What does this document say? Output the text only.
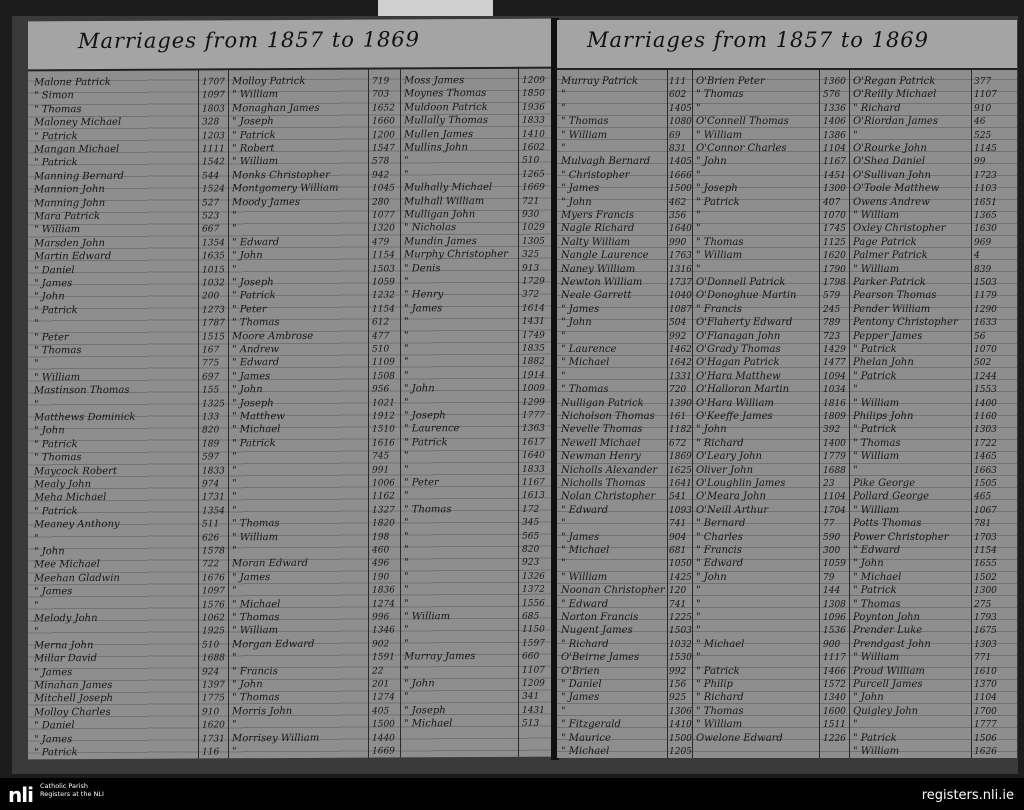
Marriages from 1857 to 1869
Malone Patrick	1707
" Simon	1097
" Thomas	1803
Maloney Michael	328
" Patrick	1203
Mangan Michael	1111
" Patrick	1542
Manning Bernard	544
Mannion John	1524
Manning John	527
Mara Patrick	523
" William	667
Marsden John	1354
Martin Edward	1635
" Daniel	1015
" James	1032
" John	200
" Patrick	1273
"	1787
" Peter	1515
" Thomas	167
"	775
" William	697
Mastinson Thomas	155
"	1325
Matthews Dominick	133
" John	820
" Patrick	189
" Thomas	597
Maycock Robert	1833
Mealy John	974
Meha Michael	1731
" Patrick	1354
Meaney Anthony	511
"	626
" John	1578
Mee Michael	722
Meehan Gladwin	1676
" James	1097
"	1576
Melody John	1062
"	1925
Merna John	510
Millar David	1688
" James	924
Minahan James	1397
Mitchell Joseph	1775
Molloy Charles	910
" Daniel	1620
" James	1731
" Patrick	116
Molloy Patrick	719
" William	703
Monaghan James	1652
" Joseph	1660
" Patrick	1200
" Robert	1547
" William	578
Monks Christopher	942
Montgomery William	1045
Moody James	280
"	1077
"	1320
" Edward	479
" John	1154
"	1503
" Joseph	1059
" Patrick	1232
" Peter	1154
" Thomas	612
Moore Ambrose	477
" Andrew	510
" Edward	1109
" James	1508
" John	956
" Joseph	1021
" Matthew	1912
" Michael	1510
" Patrick	1616
"	745
"	991
"	1006
"	1162
"	1327
" Thomas	1820
" William	198
"	460
Moran Edward	496
" James	190
"	1836
" Michael	1274
" Thomas	996
" William	1346
Morgan Edward	902
"	1591
" Francis	22
" John	201
" Thomas	1274
Morris John	405
"	1500
Morrisey William	1440
"	1669
Moss James	1209
Moynes Thomas	1850
Muldoon Patrick	1936
Mullally Thomas	1833
Mullen James	1410
Mullins John	1602
"	510
"	1265
Mulhally Michael	1669
Mulhall William	721
Mulligan John	930
" Nicholas	1029
Mundin James	1305
Murphy Christopher 325
" Denis	913
"	1729
" Henry	372
" James	1614
"	1431
"	1749
"	1835
"	1882
"	1914
" John	1009
"	1299
" Joseph	1777
" Laurence	1363
" Patrick	1617
"	1640
"	1833
" Peter	1167
"	1613
" Thomas	172
"	345
"	565
"	820
"	923
"	1326
"	1372
"	1556
" William	685
"	1150
"	1597
Murray James	660
"	1107
" John	1209
"	341
" Joseph	1431
" Michael	513
Marriages from 1857 to 1869
Murray Patrick	111
"	602
"	1405
" Thomas	1080
" William	69
"	831
Mulvagh Bernard 1405
" Christopher	1666
" James	1500
" John	462
Myers Francis	356
Nagle Richard	1640
Nalty William	990
Nangle Laurence 1763
Naney William	1316
Newton William	1737
Neale Garrett	1040
" James	1087
" John	504
"	992
" Laurence	1462
" Michael	1642
"	1331
" Thomas	720
Nulligan Patrick	1390
Nicholson Thomas 161
Nevelle Thomas	1182
Newell Michael	672
Newman Henry	1869
Nicholls Alexander 1625
Nicholls Thomas	1641
Nolan Christopher 541
" Edward	1093
"	741
" James	904
" Michael	681
"	1050
" William	1425
Noonan Christopher 120
" Edward	741
Norton Francis	1225
Nugent James	1503
" Richard	1032
O'Beirne James	1530
O'Brien	992
" Daniel	156
" James	925
"	1306
" Fitzgerald	1410
" Maurice	1500
" Michael	1205
O'Brien Peter	1360
" Thomas	576
"	1336
O'Connell Thomas	1406
" William	1386
O'Connor Charles	1104
" John	1167
"	1451
" Joseph	1300
" Patrick	407
"	1070
"	1745
" Thomas	1125
" William	1620
"	1790
O'Donnell Patrick	1798
O'Donoghue Martin	579
" Francis	245
O'Flaherty Edward	789
O'Flanagan John	723
O'Grady Thomas	1429
O'Hagan Patrick	1477
O'Hara Matthew	1094
O'Halloran Martin	1034
O'Hara William	1816
O'Keeffe James	1809
" John	392
" Richard	1400
O'Leary John	1779
Oliver John	1688
O'Loughlin James	23
O'Meara John	1104
O'Neill Arthur	1704
" Bernard	77
" Charles	590
" Francis	300
" Edward	1059
" John	79
"	144
"	1308
"	1096
"	1536
" Michael	900
"	1117
" Patrick	1466
" Philip	1572
" Richard	1340
" Thomas	1600
" William	1511
Owelone Edward	1226
O'Regan Patrick	377
O'Reilly Michael	1107
" Richard	910
O'Riordan James	46
"	525
O'Rourke John	1145
O'Shea Daniel	99
O'Sullivan John	1723
O'Toole Matthew	1103
Owens Andrew	1651
" William	1365
Oxley Christopher	1630
Page Patrick	969
Palmer Patrick	4
" William	839
Parker Patrick	1503
Pearson Thomas	1179
Pender William	1290
Pentony Christopher 1633
Pepper James	56
" Patrick	1070
Phelan John	502
" Patrick	1244
"	1553
" William	1400
Philips John	1160
" Patrick	1303
" Thomas	1722
" William	1465
"	1663
Pike George	1505
Pollard George	465
" William	1067
Potts Thomas	781
Power Christopher	1703
" Edward	1154
" John	1655
" Michael	1502
" Patrick	1300
" Thomas	275
Poynton John	1793
Prender Luke	1675
Prendgast John	1303
" William	771
Proud William	1610
Purcell James	1370
" John	1104
Quigley John	1700
"	1777
" Patrick	1506
" William	1626
nli Catholic Parish Registers at the NLI	registers.nli.ie
